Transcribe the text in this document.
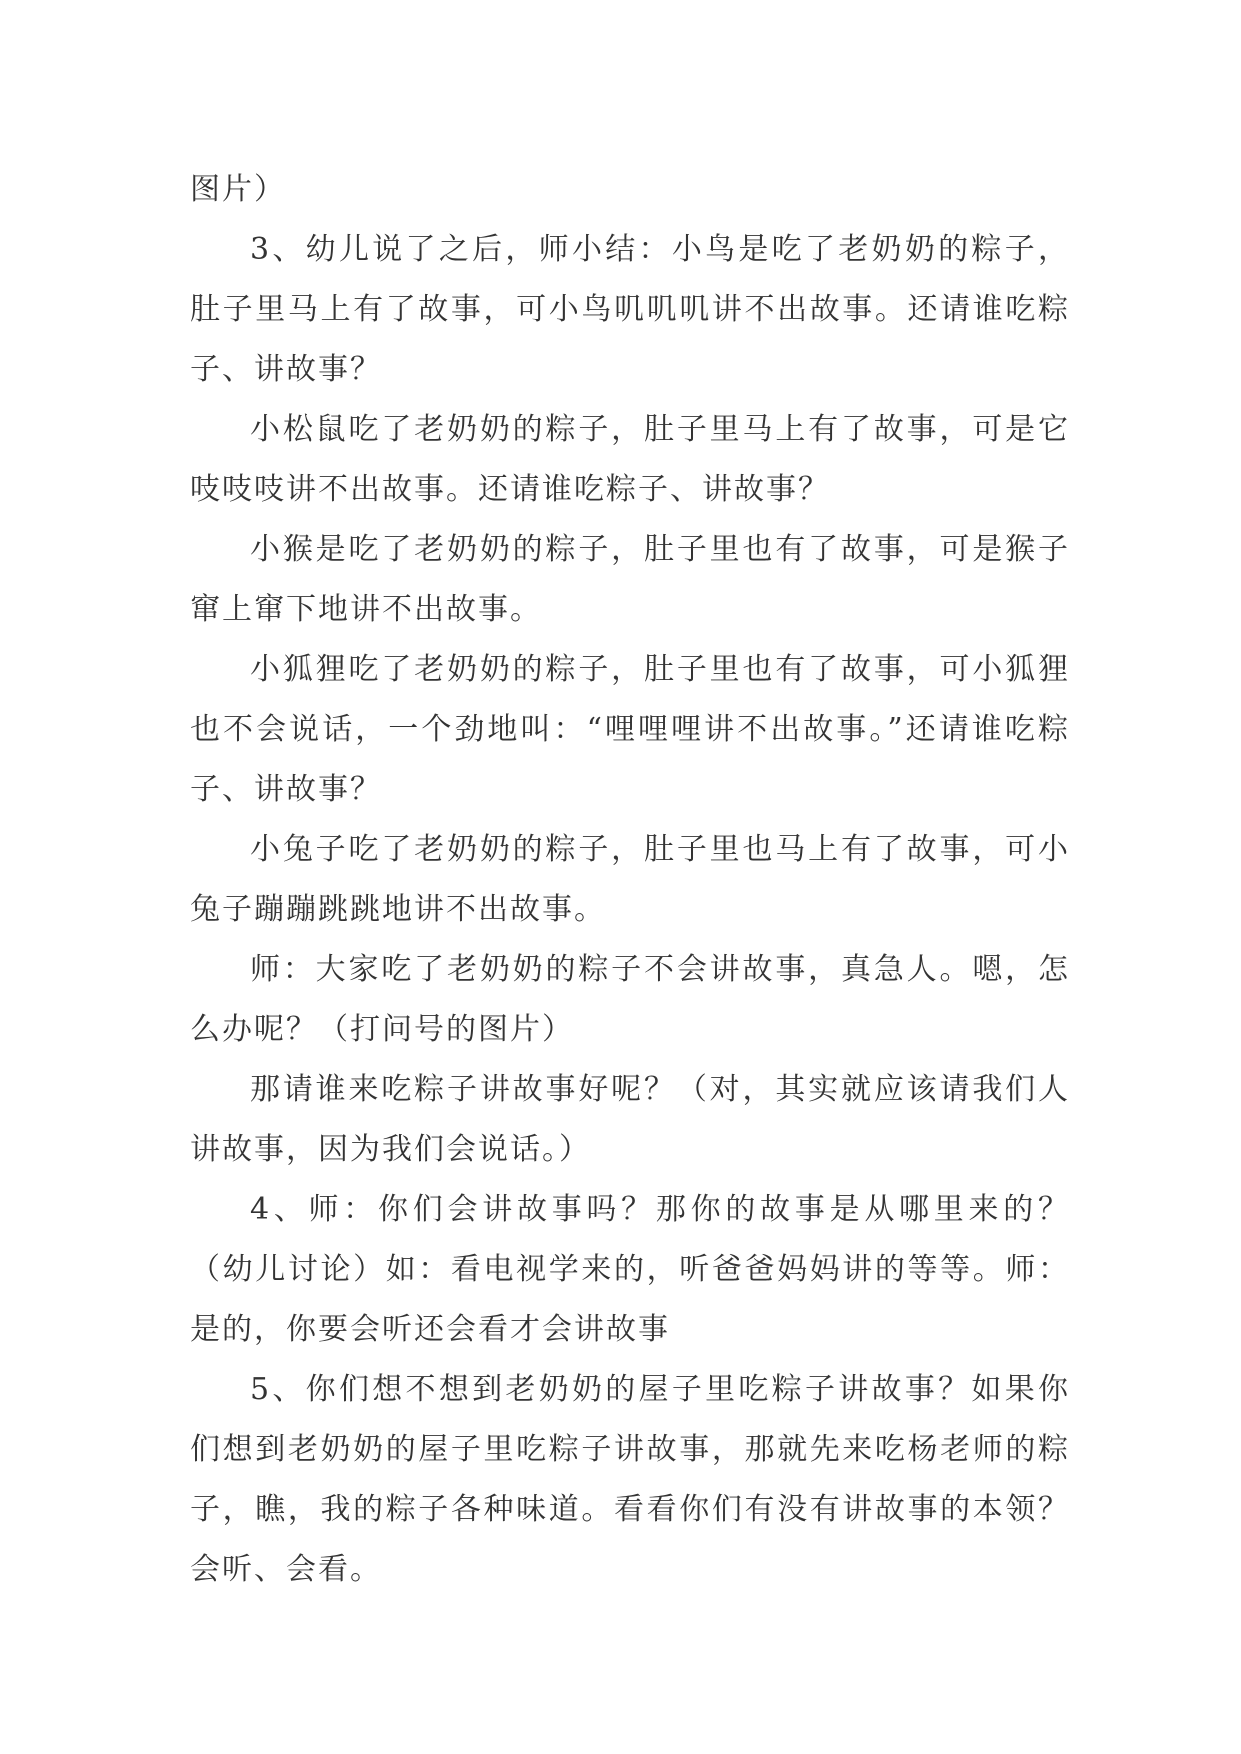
图片）

3、幼儿说了之后，师小结：小鸟是吃了老奶奶的粽子，肚子里马上有了故事，可小鸟叽叽叽讲不出故事。还请谁吃粽子、讲故事？

小松鼠吃了老奶奶的粽子，肚子里马上有了故事，可是它吱吱吱讲不出故事。还请谁吃粽子、讲故事？

小猴是吃了老奶奶的粽子，肚子里也有了故事，可是猴子窜上窜下地讲不出故事。

小狐狸吃了老奶奶的粽子，肚子里也有了故事，可小狐狸也不会说话，一个劲地叫：“哩哩哩讲不出故事。”还请谁吃粽子、讲故事？

小兔子吃了老奶奶的粽子，肚子里也马上有了故事，可小兔子蹦蹦跳跳地讲不出故事。

师：大家吃了老奶奶的粽子不会讲故事，真急人。嗯，怎么办呢？（打问号的图片）

那请谁来吃粽子讲故事好呢？（对，其实就应该请我们人讲故事，因为我们会说话。）

4、师：你们会讲故事吗？那你的故事是从哪里来的？（幼儿讨论）如：看电视学来的，听爸爸妈妈讲的等等。师：是的，你要会听还会看才会讲故事

5、你们想不想到老奶奶的屋子里吃粽子讲故事？如果你们想到老奶奶的屋子里吃粽子讲故事，那就先来吃杨老师的粽子，瞧，我的粽子各种味道。看看你们有没有讲故事的本领？会听、会看。
